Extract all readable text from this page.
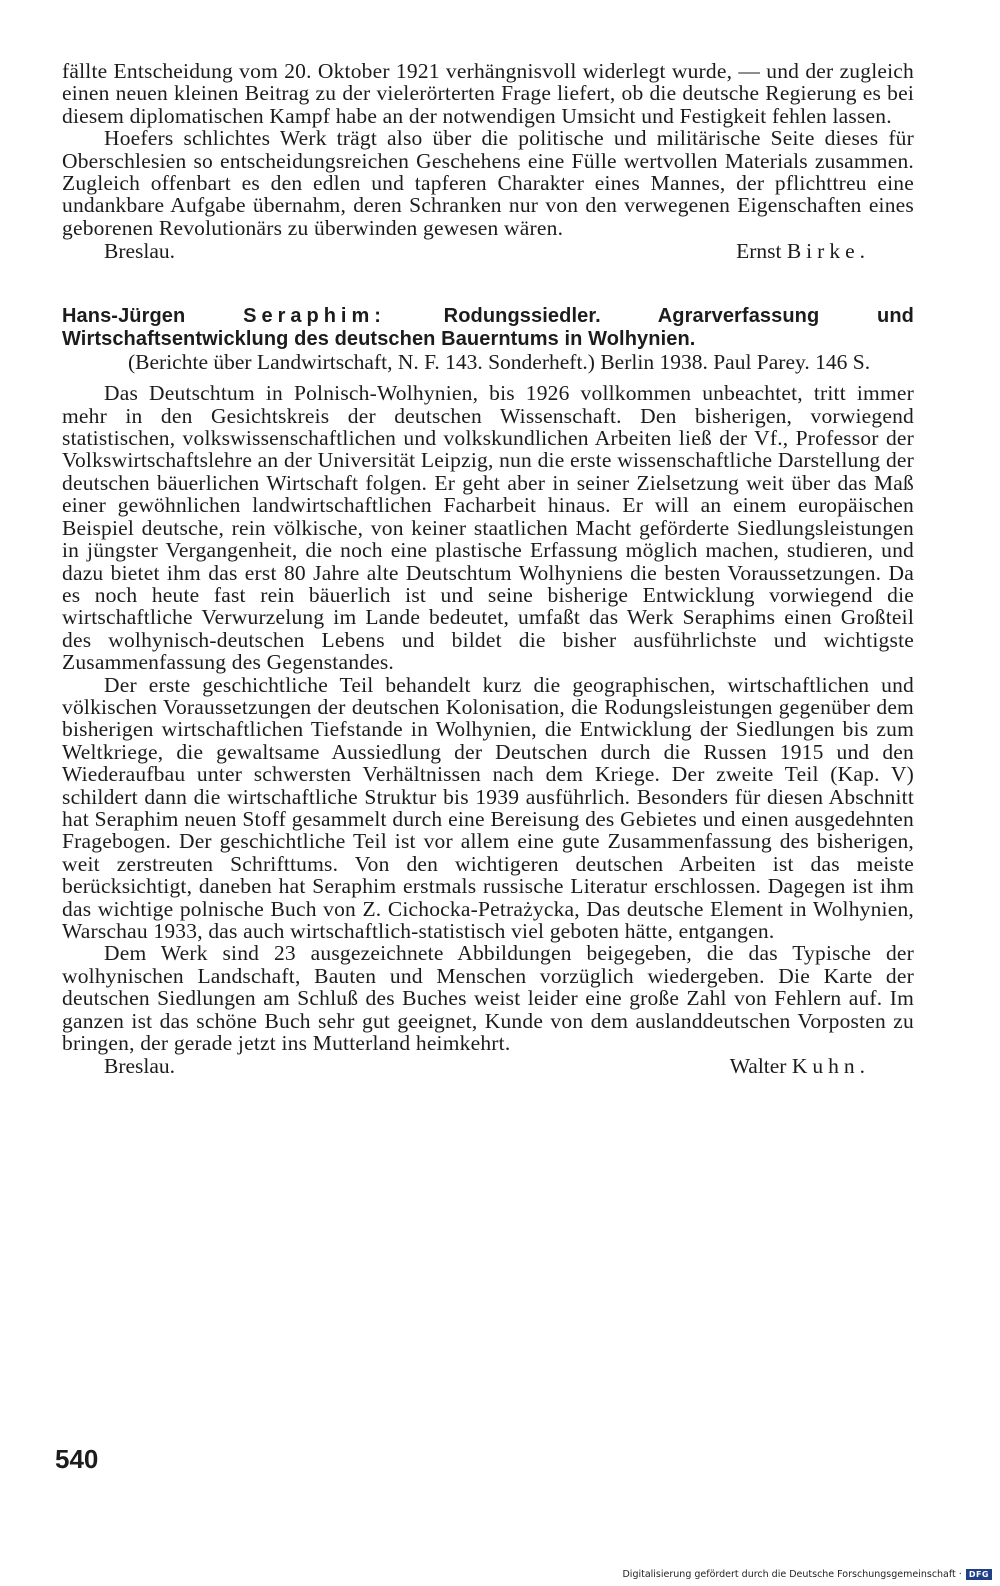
fällte Entscheidung vom 20. Oktober 1921 verhängnisvoll widerlegt wurde, — und der zugleich einen neuen kleinen Beitrag zu der vielerörterten Frage liefert, ob die deutsche Regierung es bei diesem diplomatischen Kampf habe an der notwendigen Umsicht und Festigkeit fehlen lassen.

Hoefers schlichtes Werk trägt also über die politische und militärische Seite dieses für Oberschlesien so entscheidungsreichen Geschehens eine Fülle wertvollen Materials zusammen. Zugleich offenbart es den edlen und tapferen Charakter eines Mannes, der pflichttreu eine undankbare Aufgabe übernahm, deren Schranken nur von den verwegenen Eigenschaften eines geborenen Revolutionärs zu überwinden gewesen wären.

Breslau.	Ernst Birke.

Hans-Jürgen	Seraphim:	Rodungssiedler. Agrarverfassung und Wirtschaftsentwicklung des deutschen Bauerntums in Wolhynien.

(Berichte über Landwirtschaft, N. F. 143. Sonderheft.) Berlin 1938. Paul Parey. 146 S.

Das Deutschtum in Polnisch-Wolhynien, bis 1926 vollkommen unbeachtet, tritt immer mehr in den Gesichtskreis der deutschen Wissenschaft. Den bisherigen, vorwiegend statistischen, volkswissenschaftlichen und volkskundlichen Arbeiten ließ der Vf., Professor der Volkswirtschaftslehre an der Universität Leipzig, nun die erste wissenschaftliche Darstellung der deutschen bäuerlichen Wirtschaft folgen. Er geht aber in seiner Zielsetzung weit über das Maß einer gewöhnlichen landwirtschaftlichen Facharbeit hinaus. Er will an einem europäischen Beispiel deutsche, rein völkische, von keiner staatlichen Macht geförderte Siedlungsleistungen in jüngster Vergangenheit, die noch eine plastische Erfassung möglich machen, studieren, und dazu bietet ihm das erst 80 Jahre alte Deutschtum Wolhyniens die besten Voraussetzungen. Da es noch heute fast rein bäuerlich ist und seine bisherige Entwicklung vorwiegend die wirtschaftliche Verwurzelung im Lande bedeutet, umfaßt das Werk Seraphims einen Großteil des wolhynisch-deutschen Lebens und bildet die bisher ausführlichste und wichtigste Zusammenfassung des Gegenstandes.

Der erste geschichtliche Teil behandelt kurz die geographischen, wirtschaftlichen und völkischen Voraussetzungen der deutschen Kolonisation, die Rodungsleistungen gegenüber dem bisherigen wirtschaftlichen Tiefstande in Wolhynien, die Entwicklung der Siedlungen bis zum Weltkriege, die gewaltsame Aussiedlung der Deutschen durch die Russen 1915 und den Wiederaufbau unter schwersten Verhältnissen nach dem Kriege. Der zweite Teil (Kap. V) schildert dann die wirtschaftliche Struktur bis 1939 ausführlich. Besonders für diesen Abschnitt hat Seraphim neuen Stoff gesammelt durch eine Bereisung des Gebietes und einen ausgedehnten Fragebogen. Der geschichtliche Teil ist vor allem eine gute Zusammenfassung des bisherigen, weit zerstreuten Schrifttums. Von den wichtigeren deutschen Arbeiten ist das meiste berücksichtigt, daneben hat Seraphim erstmals russische Literatur erschlossen. Dagegen ist ihm das wichtige polnische Buch von Z. Cichocka-Petrażycka, Das deutsche Element in Wolhynien, Warschau 1933, das auch wirtschaftlich-statistisch viel geboten hätte, entgangen.

Dem Werk sind 23 ausgezeichnete Abbildungen beigegeben, die das Typische der wolhynischen Landschaft, Bauten und Menschen vorzüglich wiedergeben. Die Karte der deutschen Siedlungen am Schluß des Buches weist leider eine große Zahl von Fehlern auf. Im ganzen ist das schöne Buch sehr gut geeignet, Kunde von dem auslanddeutschen Vorposten zu bringen, der gerade jetzt ins Mutterland heimkehrt.

Breslau.	Walter Kuhn.
540
Digitalisierung gefördert durch die Deutsche Forschungsgemeinschaft · DFG
